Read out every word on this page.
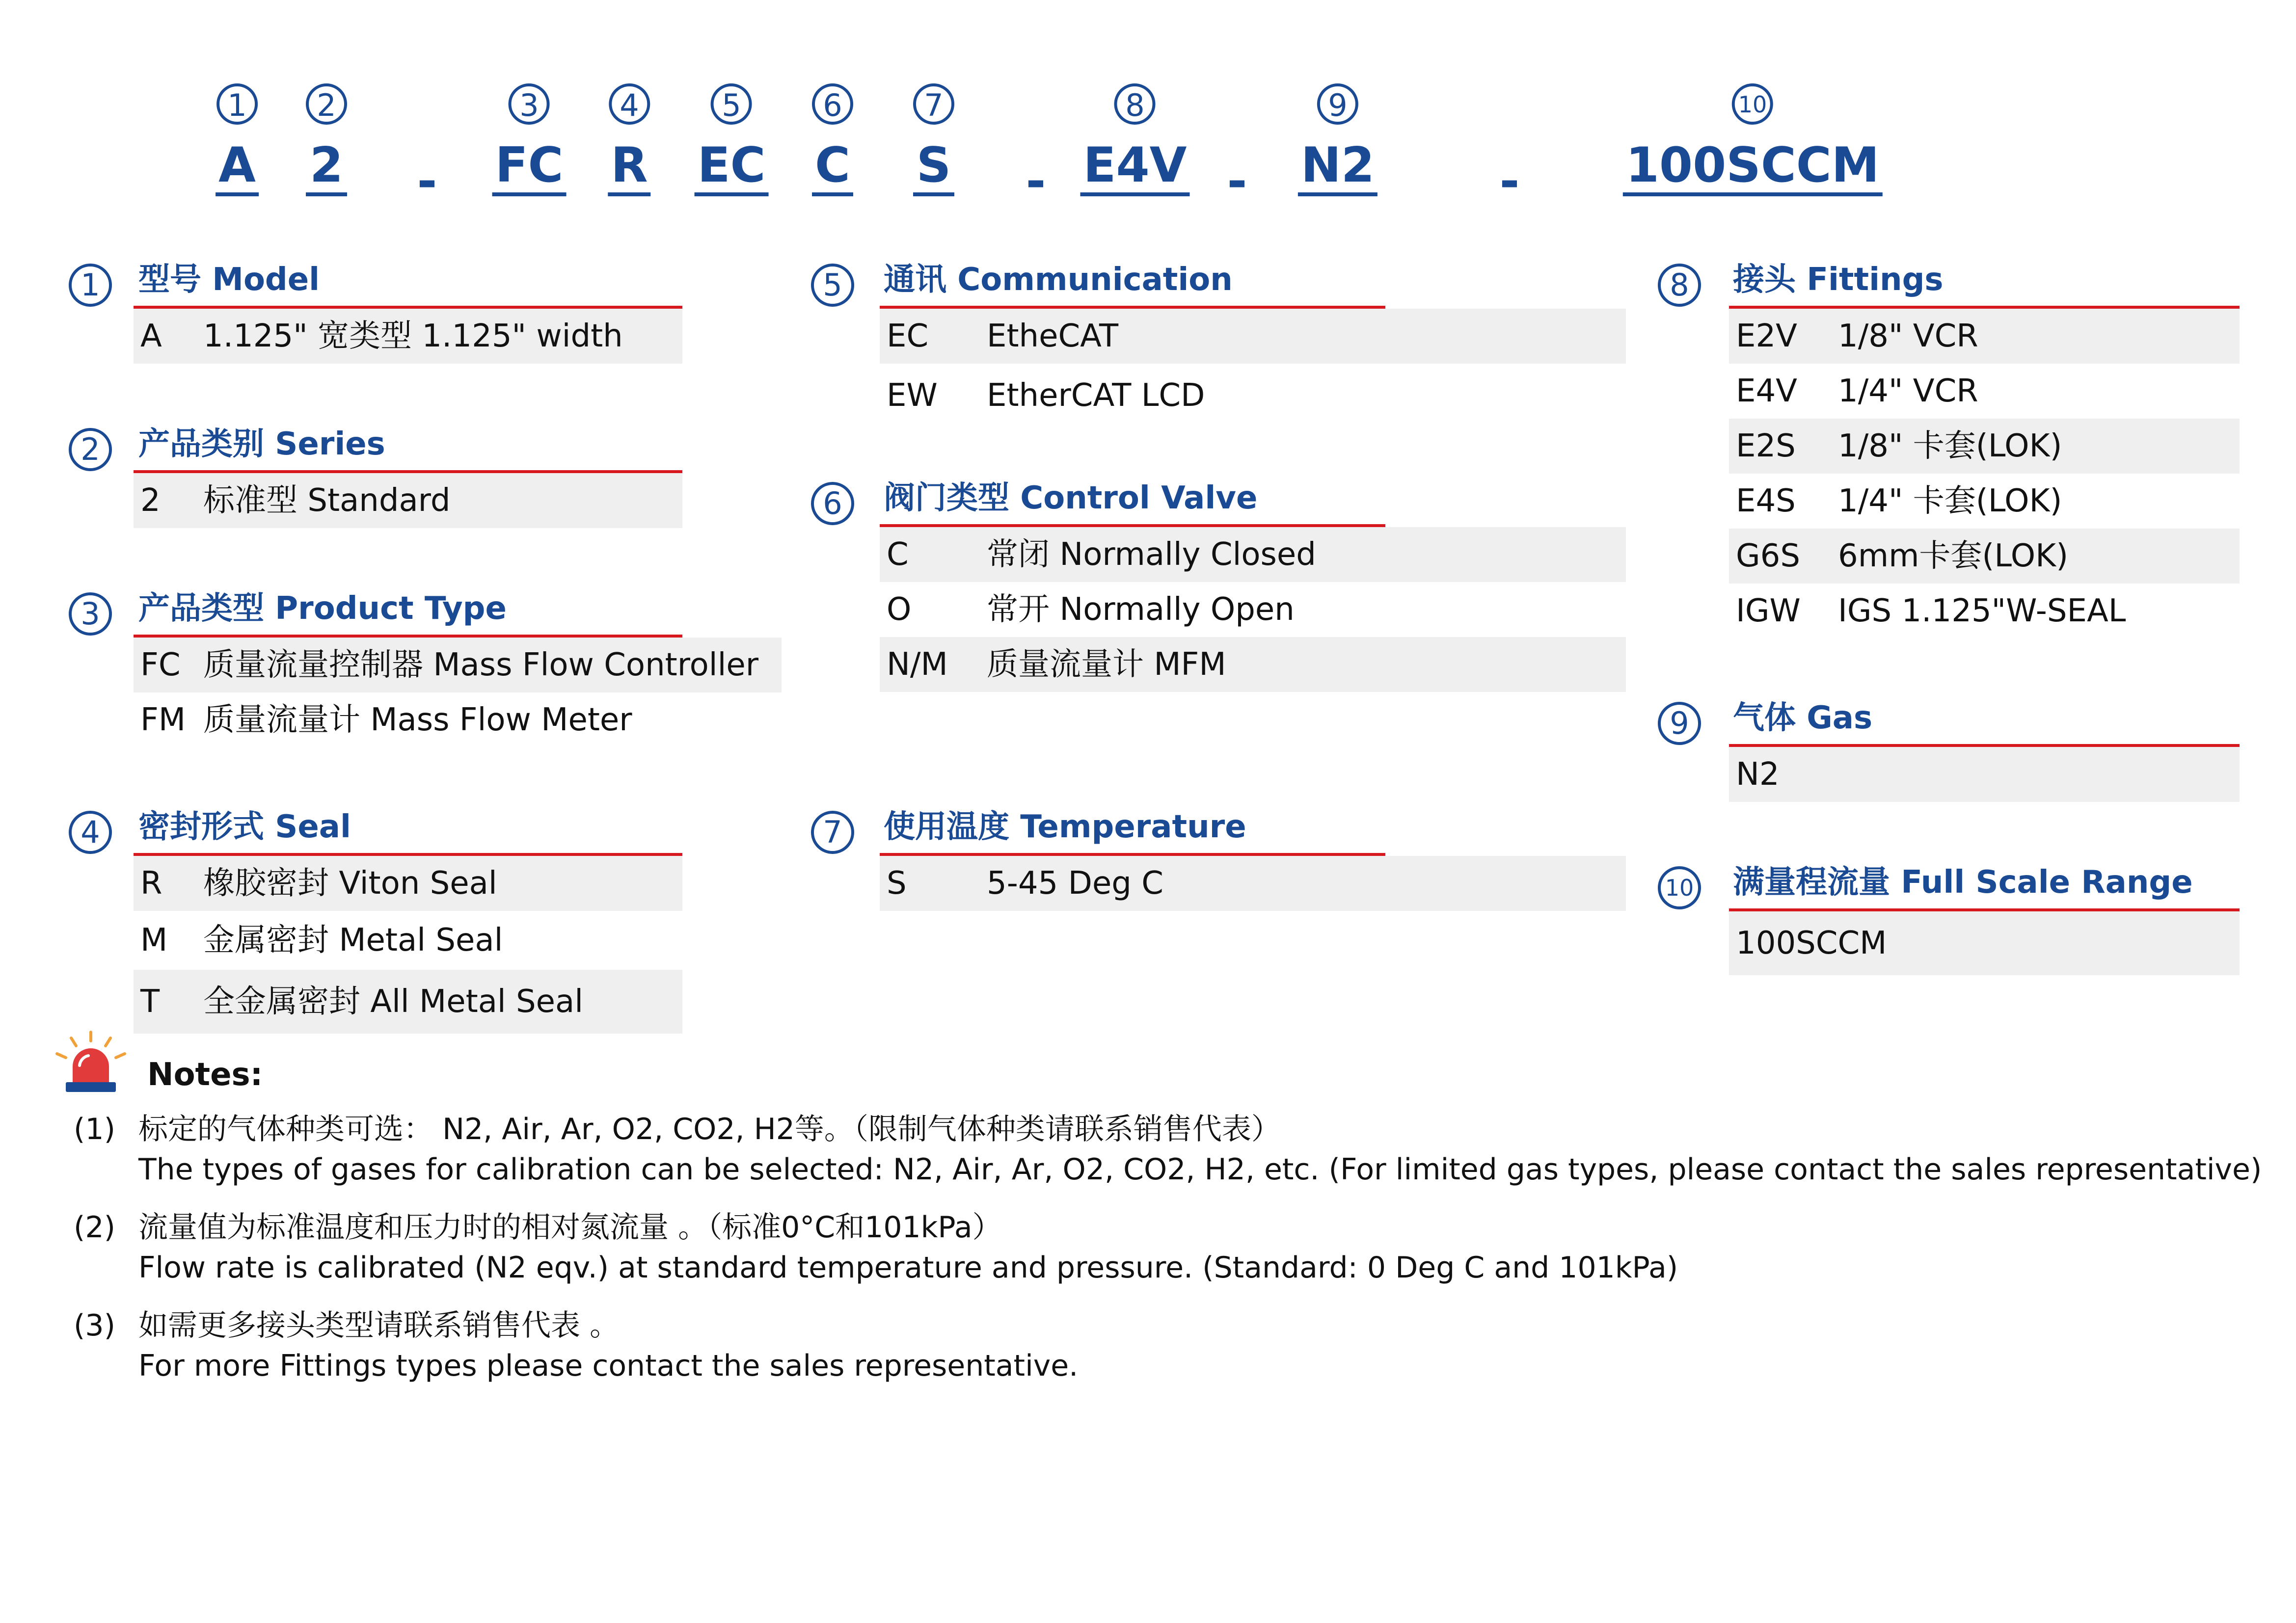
1
A
2
2 -
3
FC
4
R
5
EC
6
C
7
S -
8
E4V -
9
N2	-
10
100SCCM
1	型号 Model
A 1.125" 宽类型 1.125" width
2	产品类别 Series
2 标准型 Standard
3	产品类型 Product Type
FC 质量流量控制器 Mass Flow Controller
FM 质量流量计 Mass Flow Meter
4	密封形式 Seal
R 橡胶密封 Viton Seal
M 金属密封 Metal Seal
T 全金属密封 All Metal Seal
5	通讯 Communication
EC EtheCAT
EW EtherCAT LCD
6	阀门类型 Control Valve
C 常闭 Normally Closed
O 常开 Normally Open
N/M 质量流量计 MFM
7	使用温度 Temperature
S	5-45 Deg C
8	接头 Fittings
E2V 1/8" VCR
E4V 1/4" VCR
E2S 1/8" 卡套(LOK)
E4S 1/4" 卡套(LOK)
G6S 6mm卡套(LOK)
IGW IGS 1.125"W-SEAL
9	气体 Gas
N2
10 满量程流量 Full Scale Range
100SCCM
Notes:
(1) 标定的气体种类可选： N2, Air, Ar, O2, CO2, H2等。（限制气体种类请联系销售代表）
The types of gases for calibration can be selected: N2, Air, Ar, O2, CO2, H2, etc. (For limited gas types, please contact the sales representative)
(2) 流量值为标准温度和压力时的相对氮流量 。（标准0°C和101kPa）
Flow rate is calibrated (N2 eqv.) at standard temperature and pressure. (Standard: 0 Deg C and 101kPa)
(3) 如需更多接头类型请联系销售代表 。
For more Fittings types please contact the sales representative.
